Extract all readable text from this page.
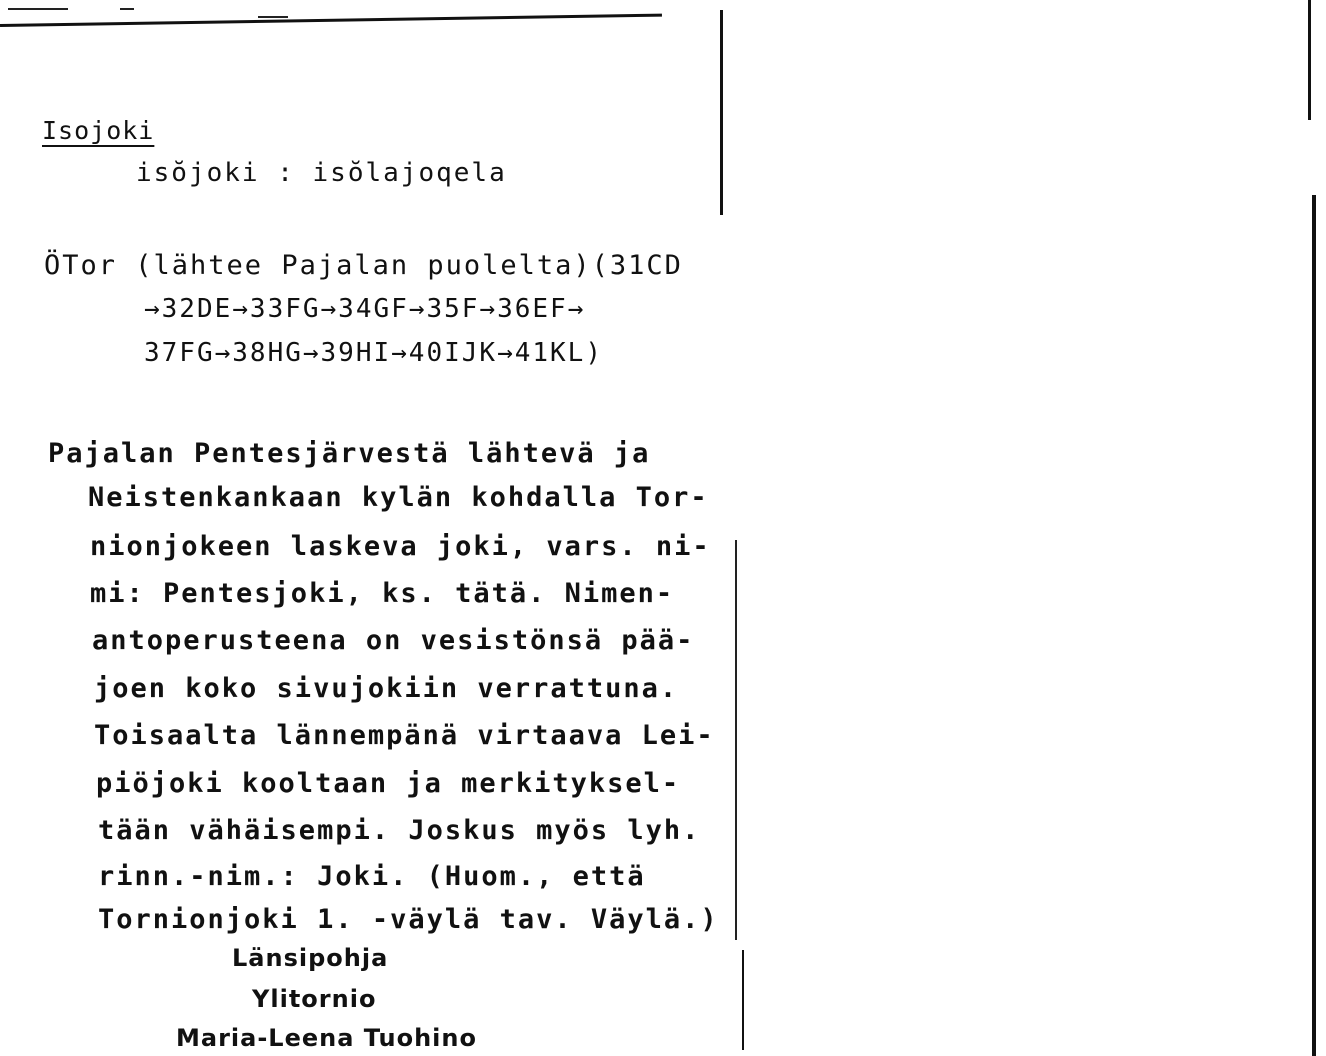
Isojoki
isŏjoki : isŏlajoqela
ÖTor (lähtee Pajalan puolelta)(31CD
→32DE→33FG→34GF→35F→36EF→
37FG→38HG→39HI→40IJK→41KL)
Pajalan Pentesjärvestä lähtevä ja
Neistenkankaan kylän kohdalla Tor-
nionjokeen laskeva joki, vars. ni-
mi: Pentesjoki, ks. tätä. Nimen-
antoperusteena on vesistönsä pää-
joen koko sivujokiin verrattuna.
Toisaalta lännempänä virtaava Lei-
piöjoki kooltaan ja merkityksel-
tään vähäisempi. Joskus myös lyh.
rinn.-nim.: Joki. (Huom., että
Tornionjoki 1. -väylä tav. Väylä.)
Länsipohja
Ylitornio
Maria-Leena Tuohino
